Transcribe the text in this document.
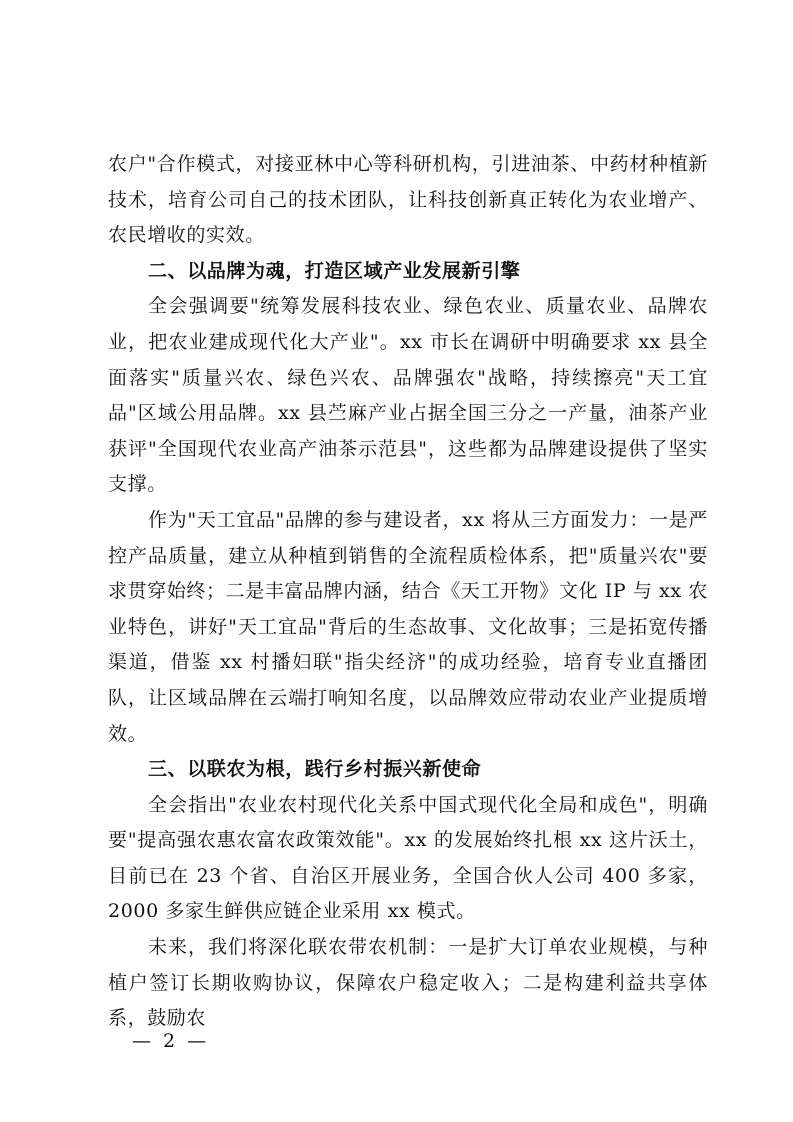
农户"合作模式，对接亚林中心等科研机构，引进油茶、中药材种植新技术，培育公司自己的技术团队，让科技创新真正转化为农业增产、农民增收的实效。

二、以品牌为魂，打造区域产业发展新引擎

全会强调要"统筹发展科技农业、绿色农业、质量农业、品牌农业，把农业建成现代化大产业"。xx 市长在调研中明确要求 xx 县全面落实"质量兴农、绿色兴农、品牌强农"战略，持续擦亮"天工宜品"区域公用品牌。xx 县苎麻产业占据全国三分之一产量，油茶产业获评"全国现代农业高产油茶示范县"，这些都为品牌建设提供了坚实支撑。

作为"天工宜品"品牌的参与建设者，xx 将从三方面发力：一是严控产品质量，建立从种植到销售的全流程质检体系，把"质量兴农"要求贯穿始终；二是丰富品牌内涵，结合《天工开物》文化 IP 与 xx 农业特色，讲好"天工宜品"背后的生态故事、文化故事；三是拓宽传播渠道，借鉴 xx 村播妇联"指尖经济"的成功经验，培育专业直播团队，让区域品牌在云端打响知名度，以品牌效应带动农业产业提质增效。

三、以联农为根，践行乡村振兴新使命

全会指出"农业农村现代化关系中国式现代化全局和成色"，明确要"提高强农惠农富农政策效能"。xx 的发展始终扎根 xx 这片沃土，目前已在 23 个省、自治区开展业务，全国合伙人公司 400 多家，2000 多家生鲜供应链企业采用 xx 模式。

未来，我们将深化联农带农机制：一是扩大订单农业规模，与种植户签订长期收购协议，保障农户稳定收入；二是构建利益共享体系，鼓励农

— 2 —
